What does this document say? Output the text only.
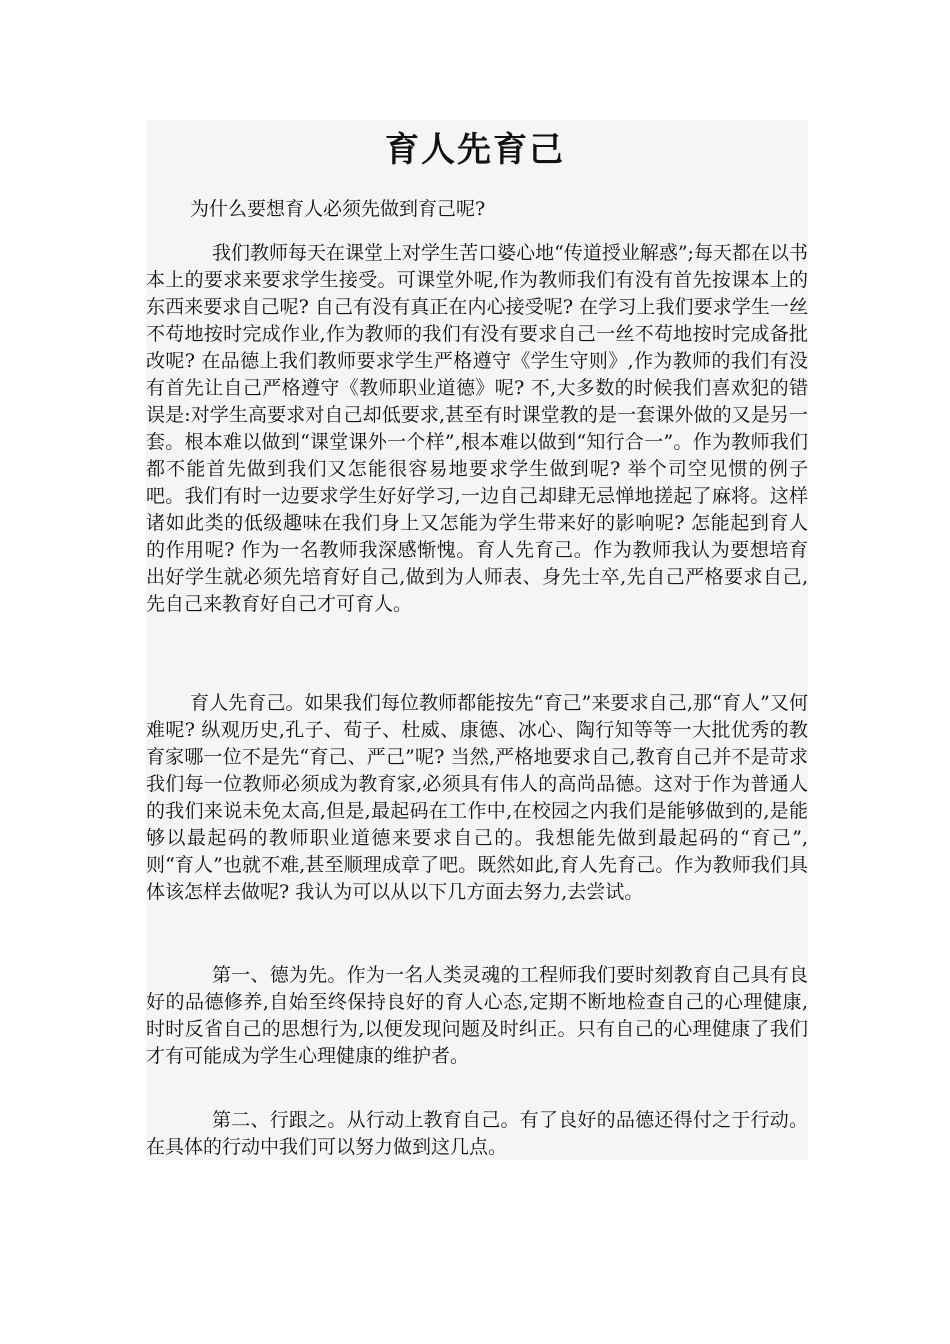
育人先育己

为什么要想育人必须先做到育己呢?

我们教师每天在课堂上对学生苦口婆心地“传道授业解惑”;每天都在以书本上的要求来要求学生接受。可课堂外呢,作为教师我们有没有首先按课本上的东西来要求自己呢? 自己有没有真正在内心接受呢? 在学习上我们要求学生一丝不苟地按时完成作业,作为教师的我们有没有要求自己一丝不苟地按时完成备批改呢? 在品德上我们教师要求学生严格遵守《学生守则》,作为教师的我们有没有首先让自己严格遵守《教师职业道德》呢? 不,大多数的时候我们喜欢犯的错误是:对学生高要求对自己却低要求,甚至有时课堂教的是一套课外做的又是另一套。根本难以做到“课堂课外一个样”,根本难以做到“知行合一”。作为教师我们都不能首先做到我们又怎能很容易地要求学生做到呢? 举个司空见惯的例子吧。我们有时一边要求学生好好学习,一边自己却肆无忌惮地搓起了麻将。这样诸如此类的低级趣味在我们身上又怎能为学生带来好的影响呢? 怎能起到育人的作用呢? 作为一名教师我深感惭愧。育人先育己。作为教师我认为要想培育出好学生就必须先培育好自己,做到为人师表、身先士卒,先自己严格要求自己,先自己来教育好自己才可育人。

育人先育己。如果我们每位教师都能按先“育己”来要求自己,那“育人”又何难呢? 纵观历史,孔子、荀子、杜威、康德、冰心、陶行知等等一大批优秀的教育家哪一位不是先“育己、严己”呢? 当然,严格地要求自己,教育自己并不是苛求我们每一位教师必须成为教育家,必须具有伟人的高尚品德。这对于作为普通人的我们来说未免太高,但是,最起码在工作中,在校园之内我们是能够做到的,是能够以最起码的教师职业道德来要求自己的。我想能先做到最起码的“育己”,则“育人”也就不难,甚至顺理成章了吧。既然如此,育人先育己。作为教师我们具体该怎样去做呢? 我认为可以从以下几方面去努力,去尝试。

第一、德为先。作为一名人类灵魂的工程师我们要时刻教育自己具有良好的品德修养,自始至终保持良好的育人心态,定期不断地检查自己的心理健康,时时反省自己的思想行为,以便发现问题及时纠正。只有自己的心理健康了我们才有可能成为学生心理健康的维护者。

第二、行跟之。从行动上教育自己。有了良好的品德还得付之于行动。在具体的行动中我们可以努力做到这几点。
